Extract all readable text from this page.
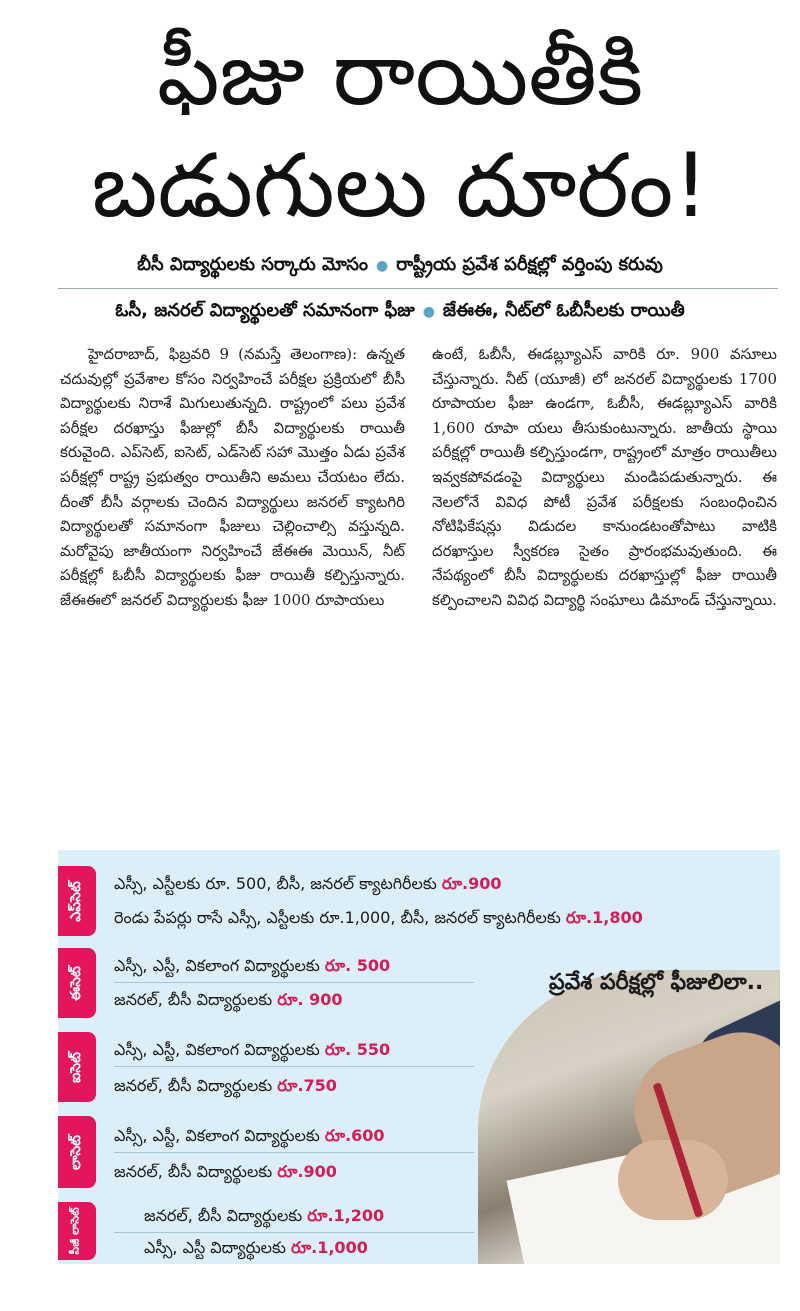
ఫీజు రాయితీకి
బడుగులు దూరం!
బీసీ విద్యార్థులకు సర్కారు మోసం ● రాష్ట్రీయ ప్రవేశ పరీక్షల్లో వర్తింపు కరువు
ఓసీ, జనరల్ విద్యార్థులతో సమానంగా ఫీజు ● జేఈఈ, నీట్‌లో ఓబీసీలకు రాయితీ
హైదరాబాద్, ఫిబ్రవరి 9 (నమస్తే తెలంగాణ): ఉన్నత చదువుల్లో ప్రవేశాల కోసం నిర్వహించే పరీక్షల ప్రక్రియలో బీసీ విద్యార్థులకు నిరాశే మిగులుతున్నది. రాష్ట్రంలో పలు ప్రవేశ పరీక్షల దరఖాస్తు ఫీజుల్లో బీసీ విద్యార్థులకు రాయితీ కరువైంది. ఎప్‌సెట్, ఐసెట్, ఎడ్‌సెట్ సహా మొత్తం ఏడు ప్రవేశ పరీక్షల్లో రాష్ట్ర ప్రభుత్వం రాయితీని అమలు చేయటం లేదు. దీంతో బీసీ వర్గాలకు చెందిన విద్యార్థులు జనరల్ క్యాటగిరి విద్యార్థులతో సమానంగా ఫీజులు చెల్లించాల్సి వస్తున్నది. మరోవైపు జాతీయంగా నిర్వహించే జేఈఈ మెయిన్, నీట్ పరీక్షల్లో ఓబీసీ విద్యార్థులకు ఫీజు రాయితీ కల్పిస్తున్నారు. జేఈఈలో జనరల్ విద్యార్థులకు ఫీజు 1000 రూపాయలు
ఉంటే, ఓబీసీ, ఈడబ్ల్యూఎస్ వారికి రూ. 900 వసూలు చేస్తున్నారు. నీట్ (యూజీ) లో జనరల్ విద్యార్థులకు 1700 రూపాయల ఫీజు ఉండగా, ఓబీసీ, ఈడబ్ల్యూఎస్ వారికి 1,600 రూపా యలు తీసుకుంటున్నారు. జాతీయ స్థాయి పరీక్షల్లో రాయితీ కల్పిస్తుండగా, రాష్ట్రంలో మాత్రం రాయితీలు ఇవ్వకపోవడంపై విద్యార్థులు మండిపడుతున్నారు. ఈ నెలలోనే వివిధ పోటీ ప్రవేశ పరీక్షలకు సంబంధించిన నోటిఫికేషన్లు విడుదల కానుండటంతోపాటు వాటికి దరఖాస్తుల స్వీకరణ సైతం ప్రారంభమవుతుంది. ఈ నేపథ్యంలో బీసీ విద్యార్థులకు దరఖాస్తుల్లో ఫీజు రాయితీ కల్పించాలని వివిధ విద్యార్థి సంఘాలు డిమాండ్ చేస్తున్నాయి.
ప్రవేశ పరీక్షల్లో ఫీజులిలా..
ఎప్‌సెట్ ఎస్సీ, ఎస్టీలకు రూ. 500, బీసీ, జనరల్ క్యాటగిరీలకు రూ.900
రెండు పేపర్లు రాసే ఎస్సీ, ఎస్టీలకు రూ.1,000, బీసీ, జనరల్ క్యాటగిరీలకు రూ.1,800
ఈసెట్
ఎస్సీ, ఎస్టీ, వికలాంగ విద్యార్థులకు రూ. 500
జనరల్, బీసీ విద్యార్థులకు రూ. 900
ఐసెట్
ఎస్సీ, ఎస్టీ, వికలాంగ విద్యార్థులకు రూ. 550
జనరల్, బీసీ విద్యార్థులకు రూ.750
లాసెట్ ఎస్సీ, ఎస్టీ, వికలాంగ విద్యార్థులకు రూ.600
జనరల్, బీసీ విద్యార్థులకు రూ.900
పీజీ లాసెట్	జనరల్, బీసీ విద్యార్థులకు రూ.1,200
ఎస్సీ, ఎస్టీ విద్యార్థులకు రూ.1,000
